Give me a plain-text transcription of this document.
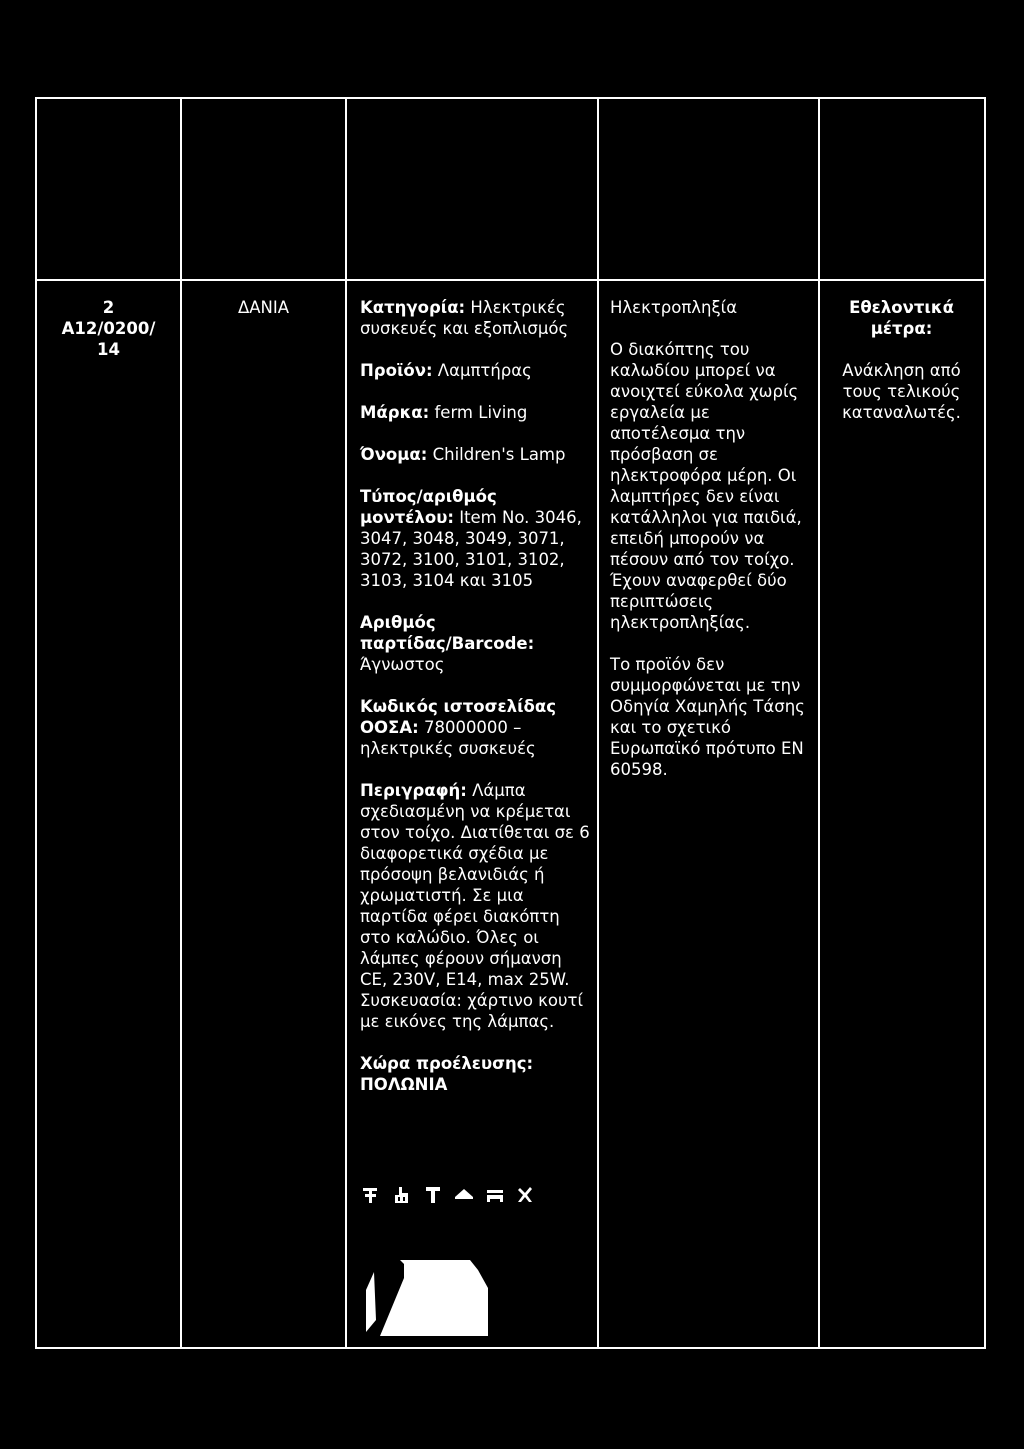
2

A12/0200/

14

ΔΑΝΙΑ	Κατηγορία: Ηλεκτρικές συσκευές και εξοπλισμός

Προϊόν: Λαμπτήρας

Μάρκα: ferm Living

Όνομα: Children's Lamp

Τύπος/αριθμός μοντέλου: Item No. 3046, 3047, 3048, 3049, 3071, 3072, 3100, 3101, 3102, 3103, 3104 και 3105

Αριθμός παρτίδας/Barcode:
Άγνωστος

Κωδικός ιστοσελίδας ΟΟΣΑ: 78000000 – ηλεκτρικές συσκευές

Περιγραφή: Λάμπα σχεδιασμένη να κρέμεται στον τοίχο. Διατίθεται σε 6 διαφορετικά σχέδια με πρόσοψη βελανιδιάς ή χρωματιστή. Σε μια παρτίδα φέρει διακόπτη στο καλώδιο. Όλες οι λάμπες φέρουν σήμανση CE, 230V, E14, max 25W. Συσκευασία: χάρτινο κουτί με εικόνες της λάμπας.

Χώρα προέλευσης:
ΠΟΛΩΝΙΑ

Ηλεκτροπληξία

Ο διακόπτης του καλωδίου μπορεί να ανοιχτεί εύκολα χωρίς εργαλεία με αποτέλεσμα την πρόσβαση σε ηλεκτροφόρα μέρη. Οι λαμπτήρες δεν είναι κατάλληλοι για παιδιά, επειδή μπορούν να πέσουν από τον τοίχο. Έχουν αναφερθεί δύο περιπτώσεις ηλεκτροπληξίας.

Το προϊόν δεν συμμορφώνεται με την Οδηγία Χαμηλής Τάσης και το σχετικό Ευρωπαϊκό πρότυπο EN 60598.

Εθελοντικά μέτρα:

Ανάκληση από τους τελικούς καταναλωτές.
